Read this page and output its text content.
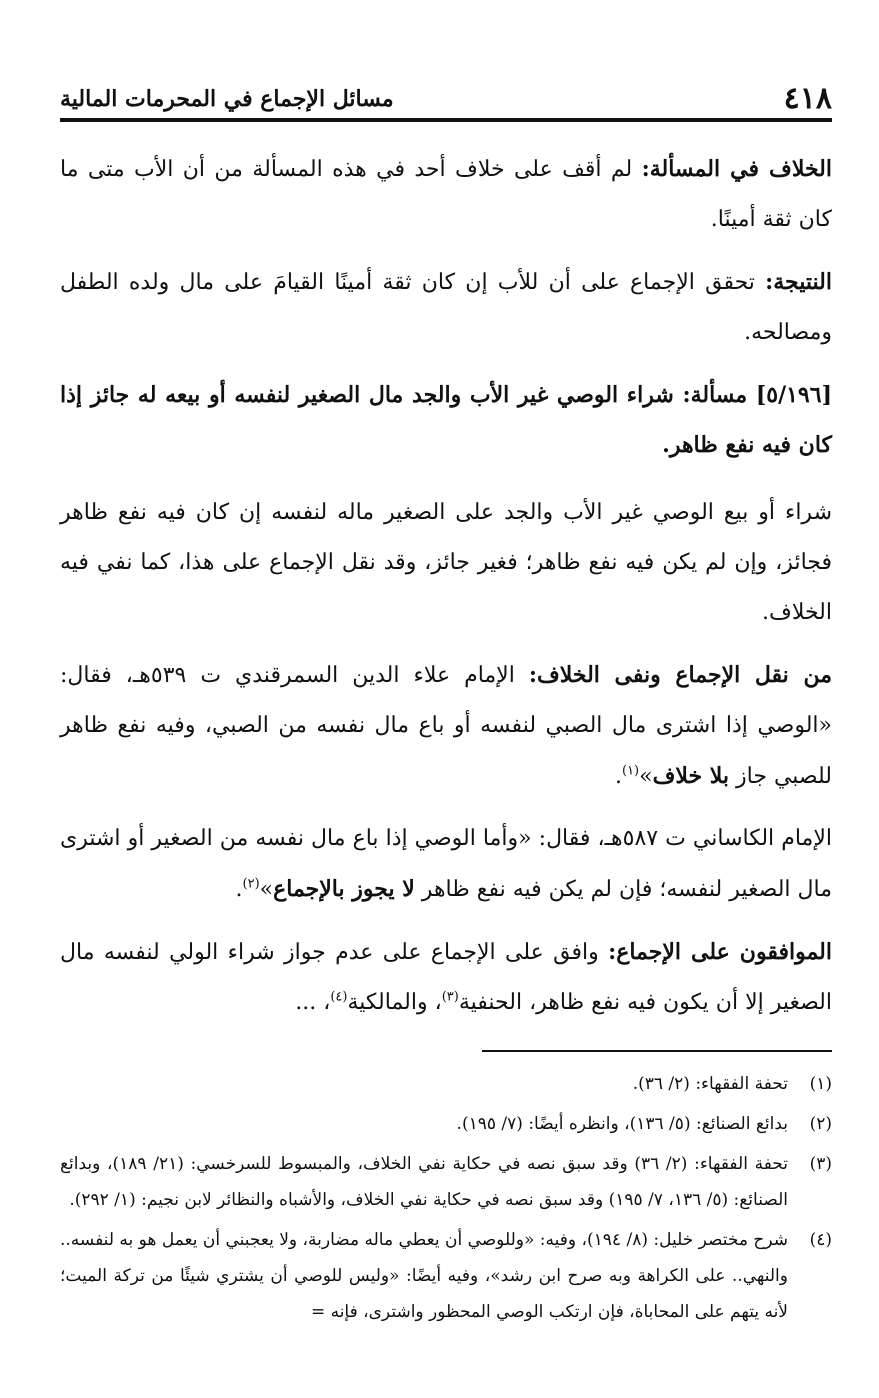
٤١٨
مسائل الإجماع في المحرمات المالية

الخلاف في المسألة: لم أقف على خلاف أحد في هذه المسألة من أن الأب متى ما كان ثقة أمينًا.

النتيجة: تحقق الإجماع على أن للأب إن كان ثقة أمينًا القيامَ على مال ولده الطفل ومصالحه.

[٥/١٩٦] مسألة: شراء الوصي غير الأب والجد مال الصغير لنفسه أو بيعه له جائز إذا كان فيه نفع ظاهر.

شراء أو بيع الوصي غير الأب والجد على الصغير ماله لنفسه إن كان فيه نفع ظاهر فجائز، وإن لم يكن فيه نفع ظاهر؛ فغير جائز، وقد نقل الإجماع على هذا، كما نفي فيه الخلاف.

من نقل الإجماع ونفى الخلاف: الإمام علاء الدين السمرقندي ت ٥٣٩هـ، فقال: «الوصي إذا اشترى مال الصبي لنفسه أو باع مال نفسه من الصبي، وفيه نفع ظاهر للصبي جاز بلا خلاف»$^{(١)}$.

الإمام الكاساني ت ٥٨٧هـ، فقال: «وأما الوصي إذا باع مال نفسه من الصغير أو اشترى مال الصغير لنفسه؛ فإن لم يكن فيه نفع ظاهر لا يجوز بالإجماع»$^{(٢)}$.

الموافقون على الإجماع: وافق على الإجماع على عدم جواز شراء الولي لنفسه مال الصغير إلا أن يكون فيه نفع ظاهر، الحنفية$^{(٣)}$، والمالكية$^{(٤)}$، ...

(١)
تحفة الفقهاء: (٢/ ٣٦).
(٢)
بدائع الصنائع: (٥/ ١٣٦)، وانظره أيضًا: (٧/ ١٩٥).
(٣)
تحفة الفقهاء: (٢/ ٣٦) وقد سبق نصه في حكاية نفي الخلاف، والمبسوط للسرخسي: (٢١/ ١٨٩)، وبدائع الصنائع: (٥/ ١٣٦، ٧/ ١٩٥) وقد سبق نصه في حكاية نفي الخلاف، والأشباه والنظائر لابن نجيم: (١/ ٢٩٢).
(٤)
شرح مختصر خليل: (٨/ ١٩٤)، وفيه: «وللوصي أن يعطي ماله مضاربة، ولا يعجبني أن يعمل هو به لنفسه.. والنهي.. على الكراهة وبه صرح ابن رشد»، وفيه أيضًا: «وليس للوصي أن يشتري شيئًا من تركة الميت؛ لأنه يتهم على المحاباة، فإن ارتكب الوصي المحظور واشترى، فإنه =
